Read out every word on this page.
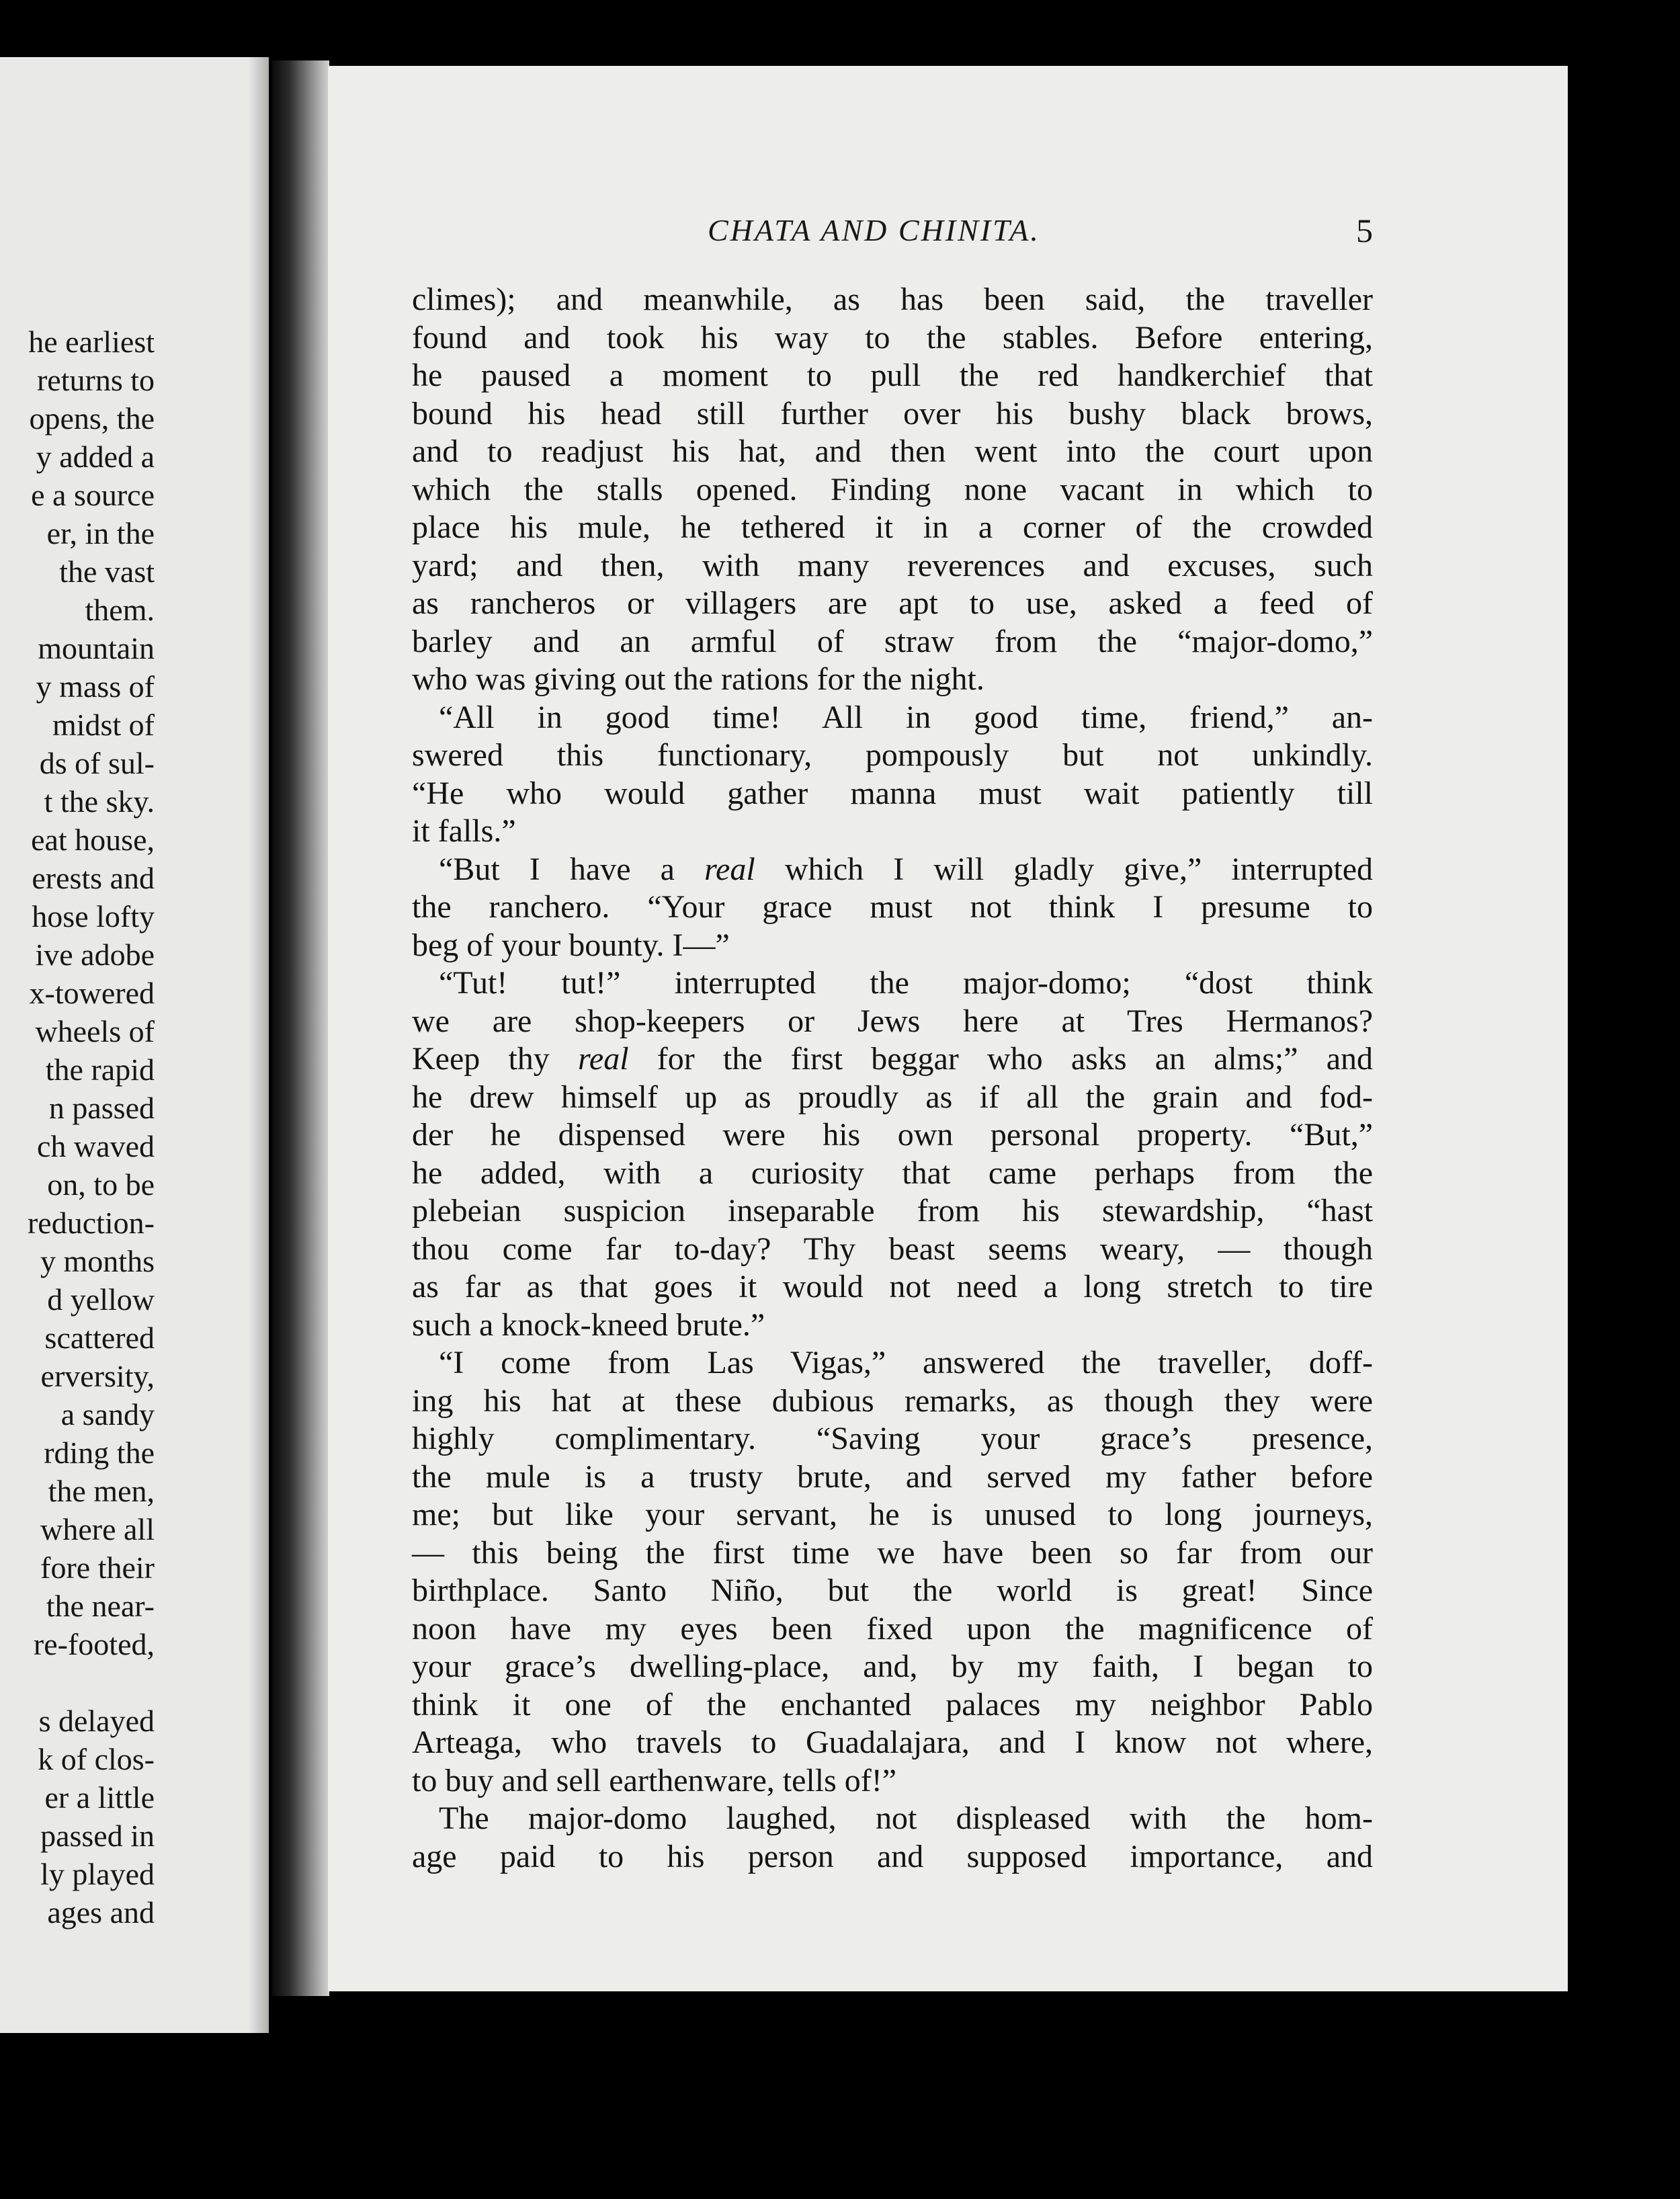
he earliest
returns to
opens, the
y added a
e a source
er, in the
the vast
them.
mountain
y mass of
midst of
ds of sul-
t the sky.
eat house,
erests and
hose lofty
ive adobe
x-towered
wheels of
the rapid
n passed
ch waved
on, to be
reduction-
y months
d yellow
scattered
erversity,
a sandy
rding the
the men,
where all
fore their
the near-
re-footed,
s delayed
k of clos-
er a little
passed in
ly played
ages and
CHATA AND CHINITA.	5
climes); and meanwhile, as has been said, the traveller
found and took his way to the stables. Before entering,
he paused a moment to pull the red handkerchief that
bound his head still further over his bushy black brows,
and to readjust his hat, and then went into the court upon
which the stalls opened. Finding none vacant in which to
place his mule, he tethered it in a corner of the crowded
yard; and then, with many reverences and excuses, such
as rancheros or villagers are apt to use, asked a feed of
barley and an armful of straw from the “major-domo,”
who was giving out the rations for the night.
“All in good time! All in good time, friend,” an-
swered this functionary, pompously but not unkindly.
“He who would gather manna must wait patiently till
it falls.”
“But I have a real which I will gladly give,” interrupted
the ranchero. “Your grace must not think I presume to
beg of your bounty. I—”
“Tut! tut!” interrupted the major-domo; “dost think
we are shop-keepers or Jews here at Tres Hermanos?
Keep thy real for the first beggar who asks an alms;” and
he drew himself up as proudly as if all the grain and fod-
der he dispensed were his own personal property. “But,”
he added, with a curiosity that came perhaps from the
plebeian suspicion inseparable from his stewardship, “hast
thou come far to-day? Thy beast seems weary, — though
as far as that goes it would not need a long stretch to tire
such a knock-kneed brute.”
“I come from Las Vigas,” answered the traveller, doff-
ing his hat at these dubious remarks, as though they were
highly complimentary. “Saving your grace’s presence,
the mule is a trusty brute, and served my father before
me; but like your servant, he is unused to long journeys,
— this being the first time we have been so far from our
birthplace. Santo Niño, but the world is great! Since
noon have my eyes been fixed upon the magnificence of
your grace’s dwelling-place, and, by my faith, I began to
think it one of the enchanted palaces my neighbor Pablo
Arteaga, who travels to Guadalajara, and I know not where,
to buy and sell earthenware, tells of!”
The major-domo laughed, not displeased with the hom-
age paid to his person and supposed importance, and
